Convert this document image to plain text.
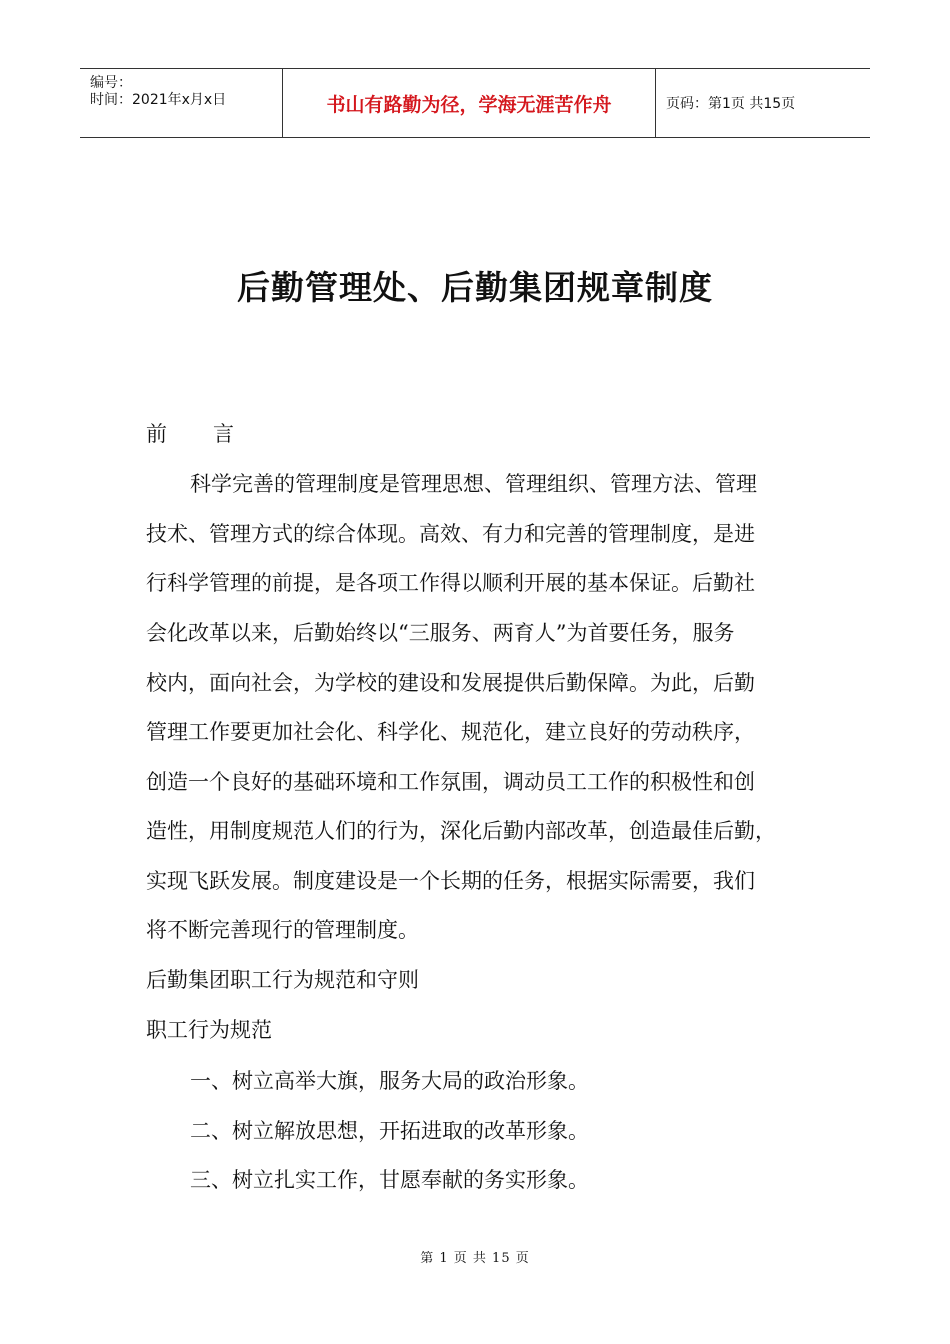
编号：
时间：2021年x月x日	书山有路勤为径，学海无涯苦作舟	页码：第1页 共15页
后勤管理处、后勤集团规章制度
前言
科学完善的管理制度是管理思想、管理组织、管理方法、管理
技术、管理方式的综合体现。高效、有力和完善的管理制度，是进
行科学管理的前提，是各项工作得以顺利开展的基本保证。后勤社
会化改革以来，后勤始终以“三服务、两育人”为首要任务，服务
校内，面向社会，为学校的建设和发展提供后勤保障。为此，后勤
管理工作要更加社会化、科学化、规范化，建立良好的劳动秩序，
创造一个良好的基础环境和工作氛围，调动员工工作的积极性和创
造性，用制度规范人们的行为，深化后勤内部改革，创造最佳后勤，
实现飞跃发展。制度建设是一个长期的任务，根据实际需要，我们
将不断完善现行的管理制度。
后勤集团职工行为规范和守则
职工行为规范
一、树立高举大旗，服务大局的政治形象。
二、树立解放思想，开拓进取的改革形象。
三、树立扎实工作，甘愿奉献的务实形象。
第 1 页 共 15 页
